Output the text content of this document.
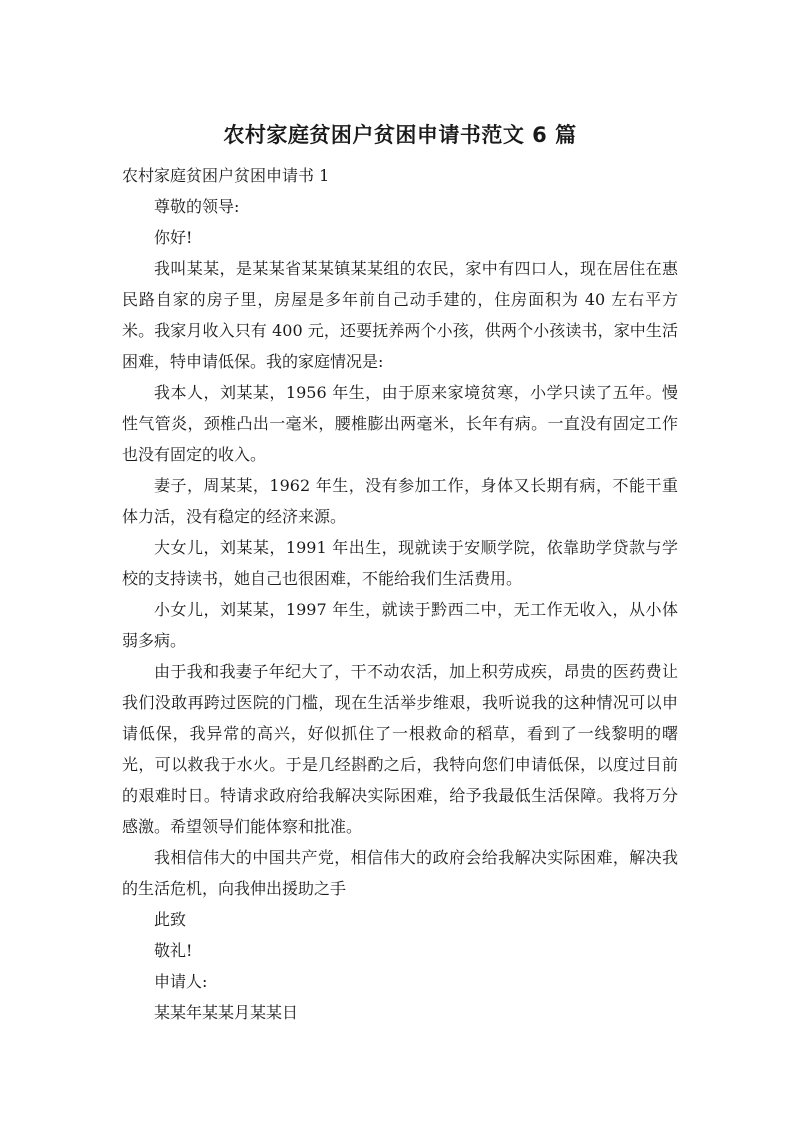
农村家庭贫困户贫困申请书范文 6 篇

农村家庭贫困户贫困申请书 1

尊敬的领导:

你好!

我叫某某，是某某省某某镇某某组的农民，家中有四口人，现在居住在惠民路自家的房子里，房屋是多年前自己动手建的，住房面积为 40 左右平方米。我家月收入只有 400 元，还要抚养两个小孩，供两个小孩读书，家中生活困难，特申请低保。我的家庭情况是:

我本人，刘某某，1956 年生，由于原来家境贫寒，小学只读了五年。慢性气管炎，颈椎凸出一毫米，腰椎膨出两毫米，长年有病。一直没有固定工作也没有固定的收入。

妻子，周某某，1962 年生，没有参加工作，身体又长期有病，不能干重体力活，没有稳定的经济来源。

大女儿，刘某某，1991 年出生，现就读于安顺学院，依靠助学贷款与学校的支持读书，她自己也很困难，不能给我们生活费用。

小女儿，刘某某，1997 年生，就读于黔西二中，无工作无收入，从小体弱多病。

由于我和我妻子年纪大了，干不动农活，加上积劳成疾，昂贵的医药费让我们没敢再跨过医院的门槛，现在生活举步维艰，我听说我的这种情况可以申请低保，我异常的高兴，好似抓住了一根救命的稻草，看到了一线黎明的曙光，可以救我于水火。于是几经斟酌之后，我特向您们申请低保，以度过目前的艰难时日。特请求政府给我解决实际困难，给予我最低生活保障。我将万分感激。希望领导们能体察和批准。

我相信伟大的中国共产党，相信伟大的政府会给我解决实际困难，解决我的生活危机，向我伸出援助之手

此致

敬礼!

申请人:

某某年某某月某某日
